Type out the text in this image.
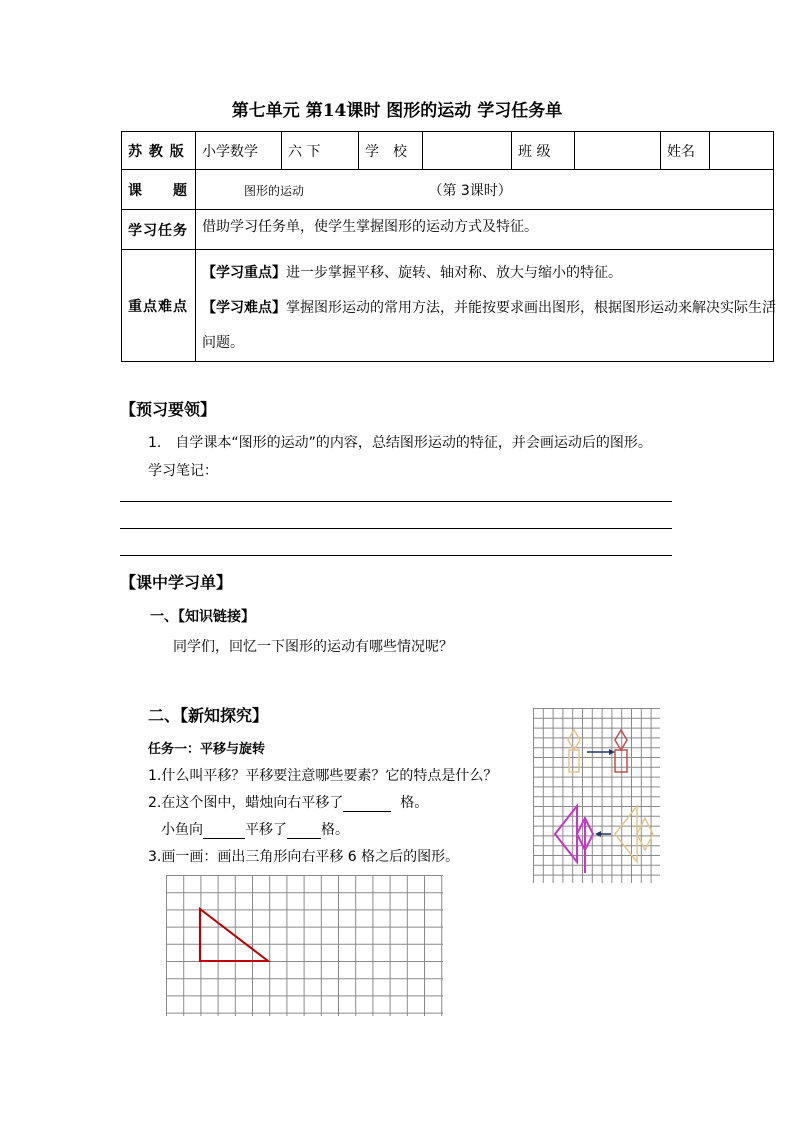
第七单元 第14课时 图形的运动 学习任务单
苏 教 版	小学数学	六 下	学　校		班 级		姓名	
课　　题	图形的运动 （第 3课时）							
学习任务	借助学习任务单，使学生掌握图形的运动方式及特征。							
重点难点	【学习重点】进一步掌握平移、旋转、轴对称、放大与缩小的特征。
【学习难点】掌握图形运动的常用方法，并能按要求画出图形，根据图形运动来解决实际生活
问题。							
【预习要领】
1.　自学课本“图形的运动”的内容，总结图形运动的特征，并会画运动后的图形。
学习笔记：
【课中学习单】
一、【知识链接】
同学们，回忆一下图形的运动有哪些情况呢？
二、【新知探究】
任务一：平移与旋转
1.什么叫平移？平移要注意哪些要素？它的特点是什么？
2.在这个图中，蜡烛向右平移了	格。
小鱼向	平移了 格。
3.画一画：画出三角形向右平移 6 格之后的图形。
